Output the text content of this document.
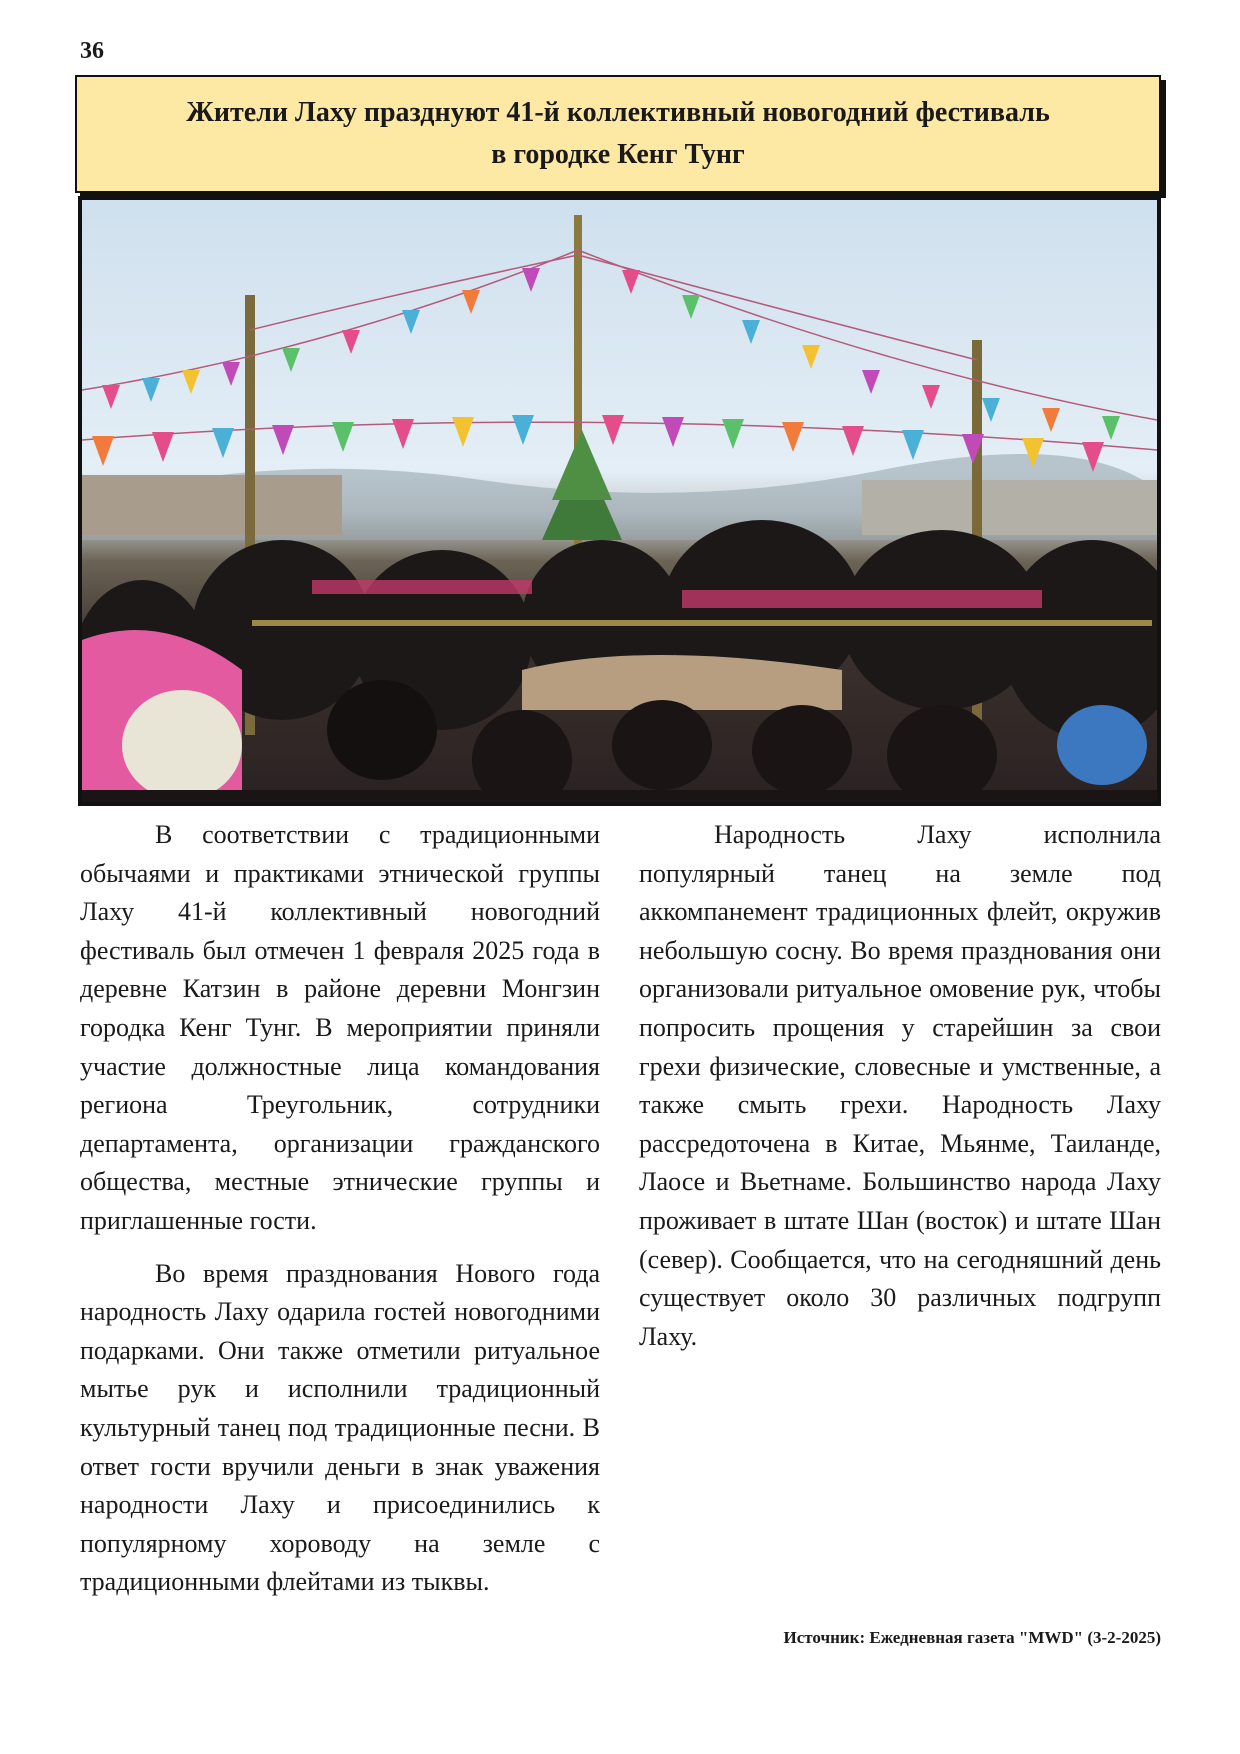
36
Жители Лаху празднуют 41-й коллективный новогодний фестиваль
в городке Кенг Тунг

В соответствии с традиционными обычаями и практиками этнической группы Лаху 41-й коллективный новогодний фестиваль был отмечен 1 февраля 2025 года в деревне Катзин в районе деревни Монгзин городка Кенг Тунг. В мероприятии приняли участие должностные лица командования региона Треугольник, сотрудники департамента, организации гражданского общества, местные этнические группы и приглашенные гости.

Во время празднования Нового года народность Лаху одарила гостей новогодними подарками. Они также отметили ритуальное мытье рук и исполнили традиционный культурный танец под традиционные песни. В ответ гости вручили деньги в знак уважения народности Лаху и присоединились к популярному хороводу на земле с традиционными флейтами из тыквы.

Народность Лаху исполнила популярный танец на земле под аккомпанемент традиционных флейт, окружив небольшую сосну. Во время празднования они организовали ритуальное омовение рук, чтобы попросить прощения у старейшин за свои грехи физические, словесные и умственные, а также смыть грехи. Народность Лаху рассредоточена в Китае, Мьянме, Таиланде, Лаосе и Вьетнаме. Большинство народа Лаху проживает в штате Шан (восток) и штате Шан (север). Сообщается, что на сегодняшний день существует около 30 различных подгрупп Лаху.

Источник: Ежедневная газета "MWD" (3-2-2025)
